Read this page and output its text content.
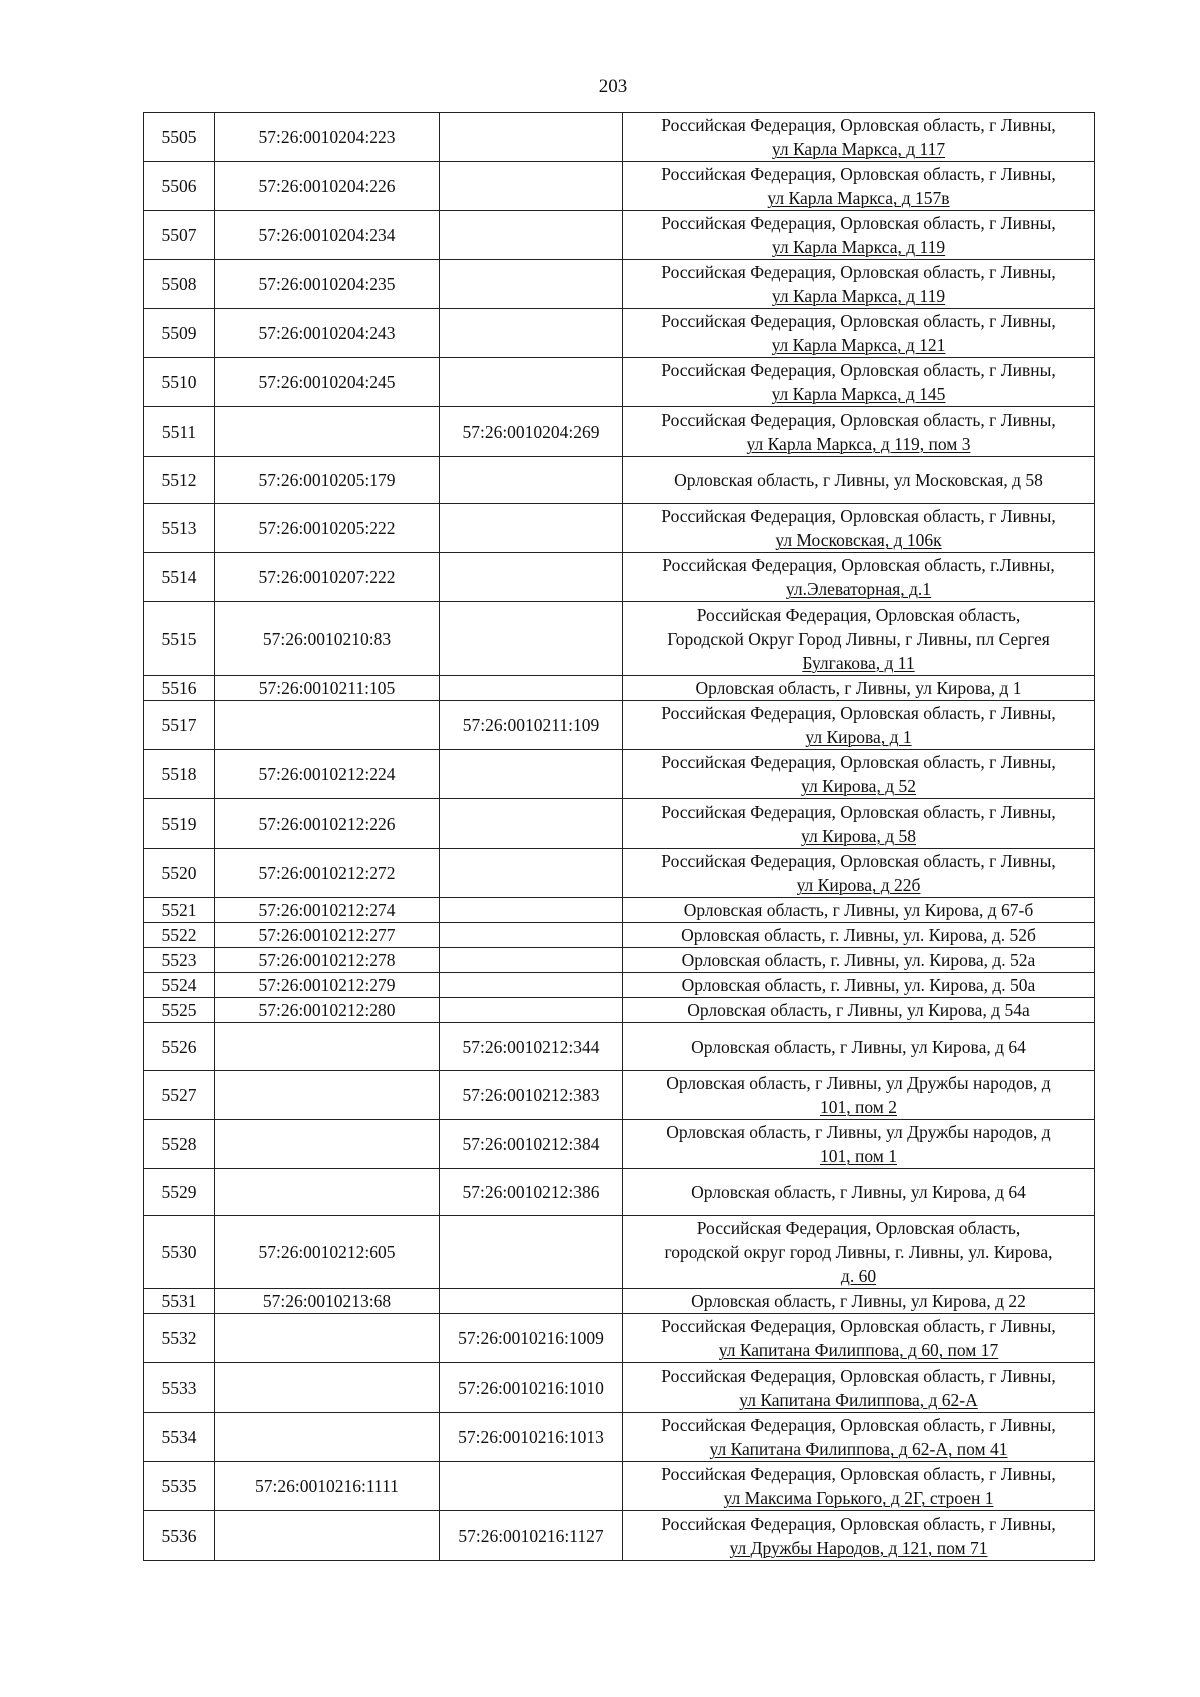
203
5505	57:26:0010204:223		Российская Федерация, Орловская область, г Ливны,
ул Карла Маркса, д 117
5506	57:26:0010204:226		Российская Федерация, Орловская область, г Ливны,
ул Карла Маркса, д 157в
5507	57:26:0010204:234		Российская Федерация, Орловская область, г Ливны,
ул Карла Маркса, д 119
5508	57:26:0010204:235		Российская Федерация, Орловская область, г Ливны,
ул Карла Маркса, д 119
5509	57:26:0010204:243		Российская Федерация, Орловская область, г Ливны,
ул Карла Маркса, д 121
5510	57:26:0010204:245		Российская Федерация, Орловская область, г Ливны,
ул Карла Маркса, д 145
5511		57:26:0010204:269	Российская Федерация, Орловская область, г Ливны,
ул Карла Маркса, д 119, пом 3
5512	57:26:0010205:179		Орловская область, г Ливны, ул Московская, д 58
5513	57:26:0010205:222		Российская Федерация, Орловская область, г Ливны,
ул Московская, д 106к
5514	57:26:0010207:222		Российская Федерация, Орловская область, г.Ливны,
ул.Элеваторная, д.1
5515	57:26:0010210:83		Российская Федерация, Орловская область,
Городской Округ Город Ливны, г Ливны, пл Сергея
Булгакова, д 11
5516	57:26:0010211:105		Орловская область, г Ливны, ул Кирова, д 1
5517		57:26:0010211:109	Российская Федерация, Орловская область, г Ливны,
ул Кирова, д 1
5518	57:26:0010212:224		Российская Федерация, Орловская область, г Ливны,
ул Кирова, д 52
5519	57:26:0010212:226		Российская Федерация, Орловская область, г Ливны,
ул Кирова, д 58
5520	57:26:0010212:272		Российская Федерация, Орловская область, г Ливны,
ул Кирова, д 22б
5521	57:26:0010212:274		Орловская область, г Ливны, ул Кирова, д 67-б
5522	57:26:0010212:277		Орловская область, г. Ливны, ул. Кирова, д. 52б
5523	57:26:0010212:278		Орловская область, г. Ливны, ул. Кирова, д. 52а
5524	57:26:0010212:279		Орловская область, г. Ливны, ул. Кирова, д. 50а
5525	57:26:0010212:280		Орловская область, г Ливны, ул Кирова, д 54а
5526		57:26:0010212:344	Орловская область, г Ливны, ул Кирова, д 64
5527		57:26:0010212:383	Орловская область, г Ливны, ул Дружбы народов, д
101, пом 2
5528		57:26:0010212:384	Орловская область, г Ливны, ул Дружбы народов, д
101, пом 1
5529		57:26:0010212:386	Орловская область, г Ливны, ул Кирова, д 64
5530	57:26:0010212:605		Российская Федерация, Орловская область,
городской округ город Ливны, г. Ливны, ул. Кирова,
д. 60
5531	57:26:0010213:68		Орловская область, г Ливны, ул Кирова, д 22
5532		57:26:0010216:1009	Российская Федерация, Орловская область, г Ливны,
ул Капитана Филиппова, д 60, пом 17
5533		57:26:0010216:1010	Российская Федерация, Орловская область, г Ливны,
ул Капитана Филиппова, д 62-А
5534		57:26:0010216:1013	Российская Федерация, Орловская область, г Ливны,
ул Капитана Филиппова, д 62-А, пом 41
5535	57:26:0010216:1111		Российская Федерация, Орловская область, г Ливны,
ул Максима Горького, д 2Г, строен 1
5536		57:26:0010216:1127	Российская Федерация, Орловская область, г Ливны,
ул Дружбы Народов, д 121, пом 71
